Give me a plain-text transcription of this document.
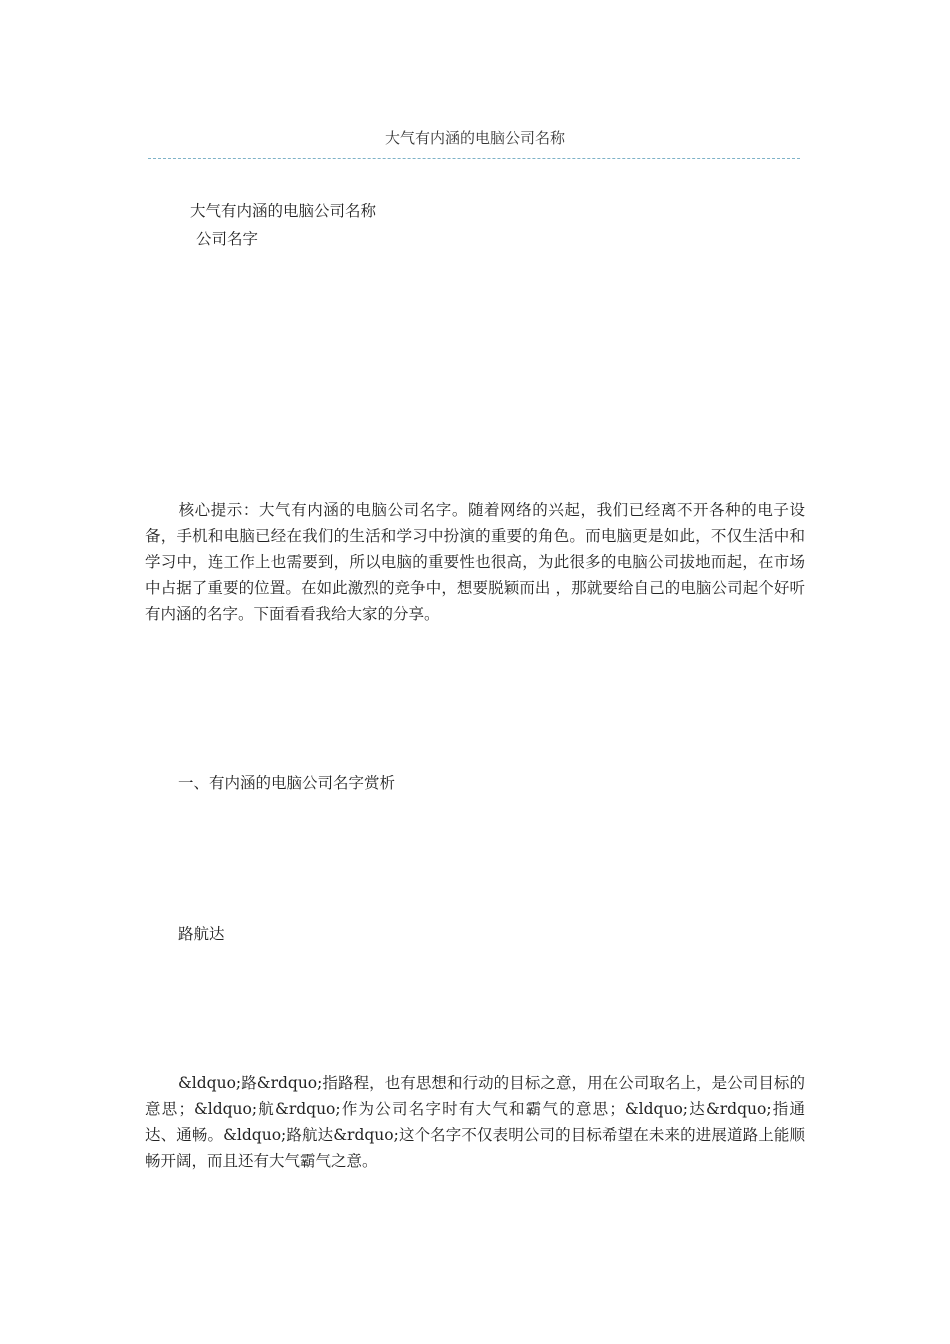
大气有内涵的电脑公司名称
大气有内涵的电脑公司名称
公司名字

核心提示：大气有内涵的电脑公司名字。随着网络的兴起，我们已经离不开各种的电子设备，手机和电脑已经在我们的生活和学习中扮演的重要的角色。而电脑更是如此，不仅生活中和学习中，连工作上也需要到，所以电脑的重要性也很高，为此很多的电脑公司拔地而起，在市场中占据了重要的位置。在如此激烈的竞争中，想要脱颖而出 ，那就要给自己的电脑公司起个好听有内涵的名字。下面看看我给大家的分享。

一、有内涵的电脑公司名字赏析
路航达

&ldquo;路&rdquo;指路程，也有思想和行动的目标之意，用在公司取名上，是公司目标的意思；&ldquo;航&rdquo;作为公司名字时有大气和霸气的意思；&ldquo;达&rdquo;指通达、通畅。&ldquo;路航达&rdquo;这个名字不仅表明公司的目标希望在未来的进展道路上能顺畅开阔，而且还有大气霸气之意。
